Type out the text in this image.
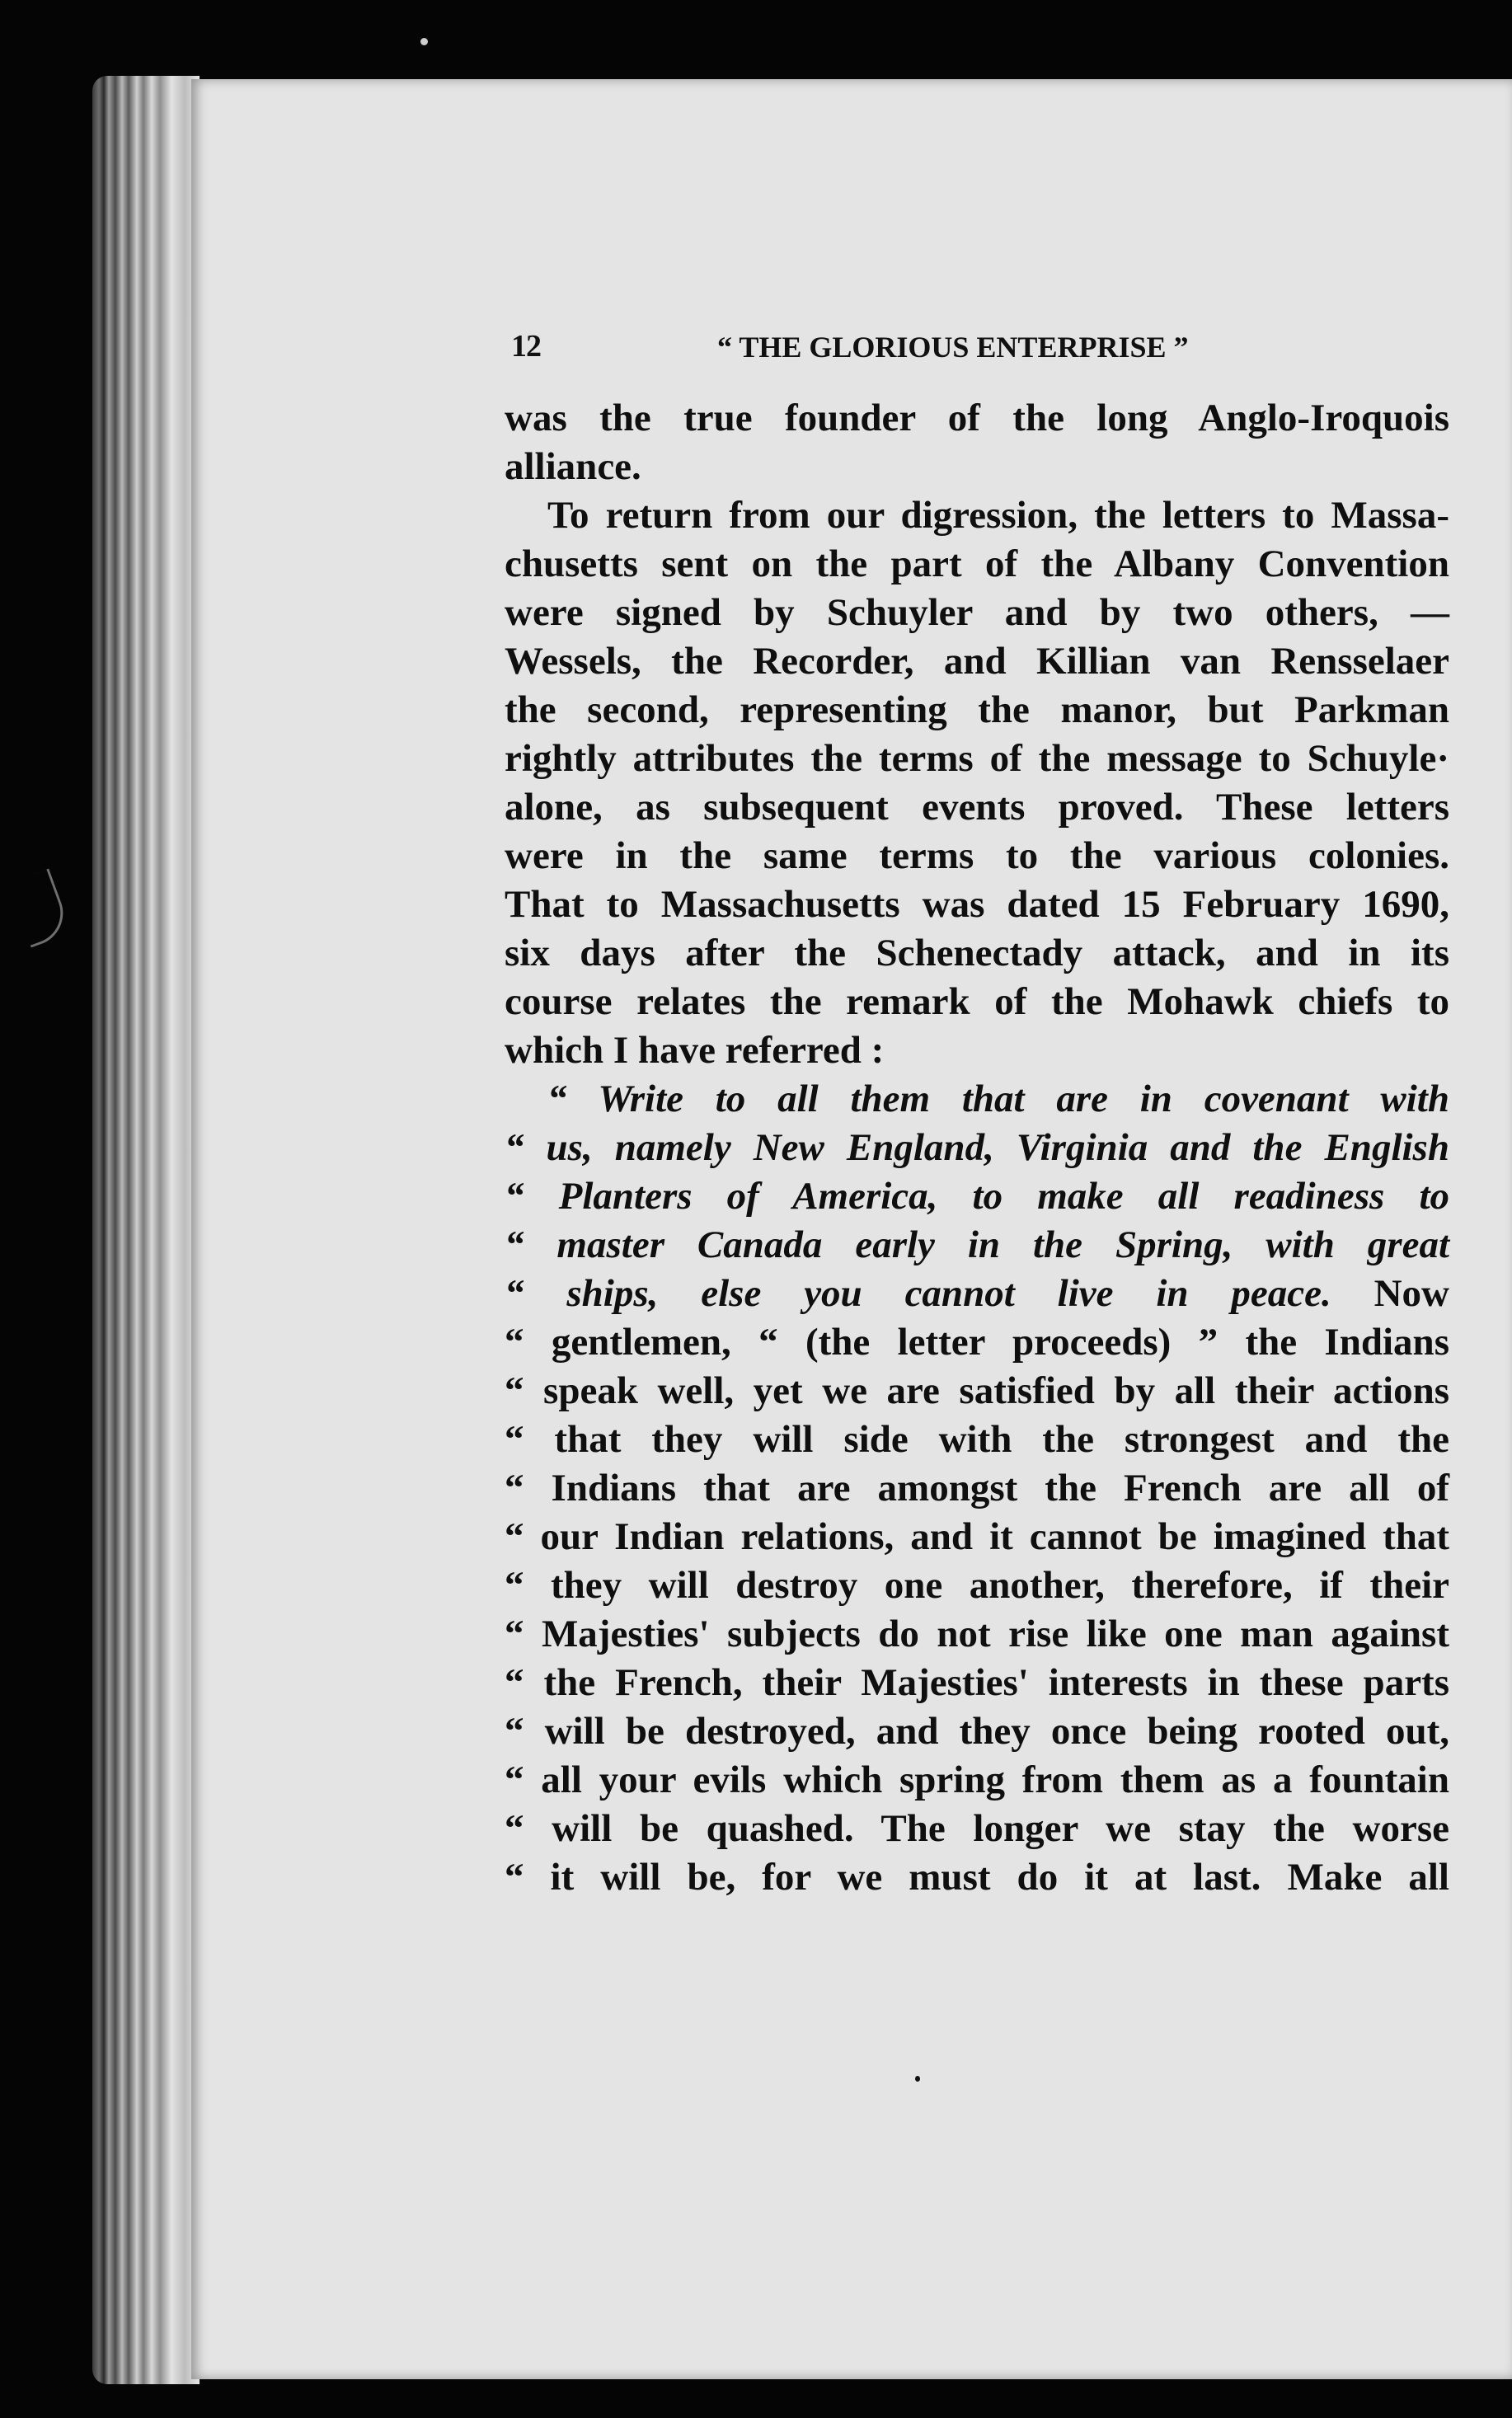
12	“ THE GLORIOUS ENTERPRISE ”
was the true founder of the long Anglo-Iroquois
alliance.
To return from our digression, the letters to Massa-
chusetts sent on the part of the Albany Convention
were signed by Schuyler and by two others, —
Wessels, the Recorder, and Killian van Rensselaer
the second, representing the manor, but Parkman
rightly attributes the terms of the message to Schuyle·
alone, as subsequent events proved. These letters
were in the same terms to the various colonies.
That to Massachusetts was dated 15 February 1690,
six days after the Schenectady attack, and in its
course relates the remark of the Mohawk chiefs to
which I have referred :
“ Write to all them that are in covenant with
“ us, namely New England, Virginia and the English
“ Planters of America, to make all readiness to
“ master Canada early in the Spring, with great
“ ships, else you cannot live in peace. Now
“ gentlemen, “ (the letter proceeds) ” the Indians
“ speak well, yet we are satisfied by all their actions
“ that they will side with the strongest and the
“ Indians that are amongst the French are all of
“ our Indian relations, and it cannot be imagined that
“ they will destroy one another, therefore, if their
“ Majesties' subjects do not rise like one man against
“ the French, their Majesties' interests in these parts
“ will be destroyed, and they once being rooted out,
“ all your evils which spring from them as a fountain
“ will be quashed. The longer we stay the worse
“ it will be, for we must do it at last. Make all
